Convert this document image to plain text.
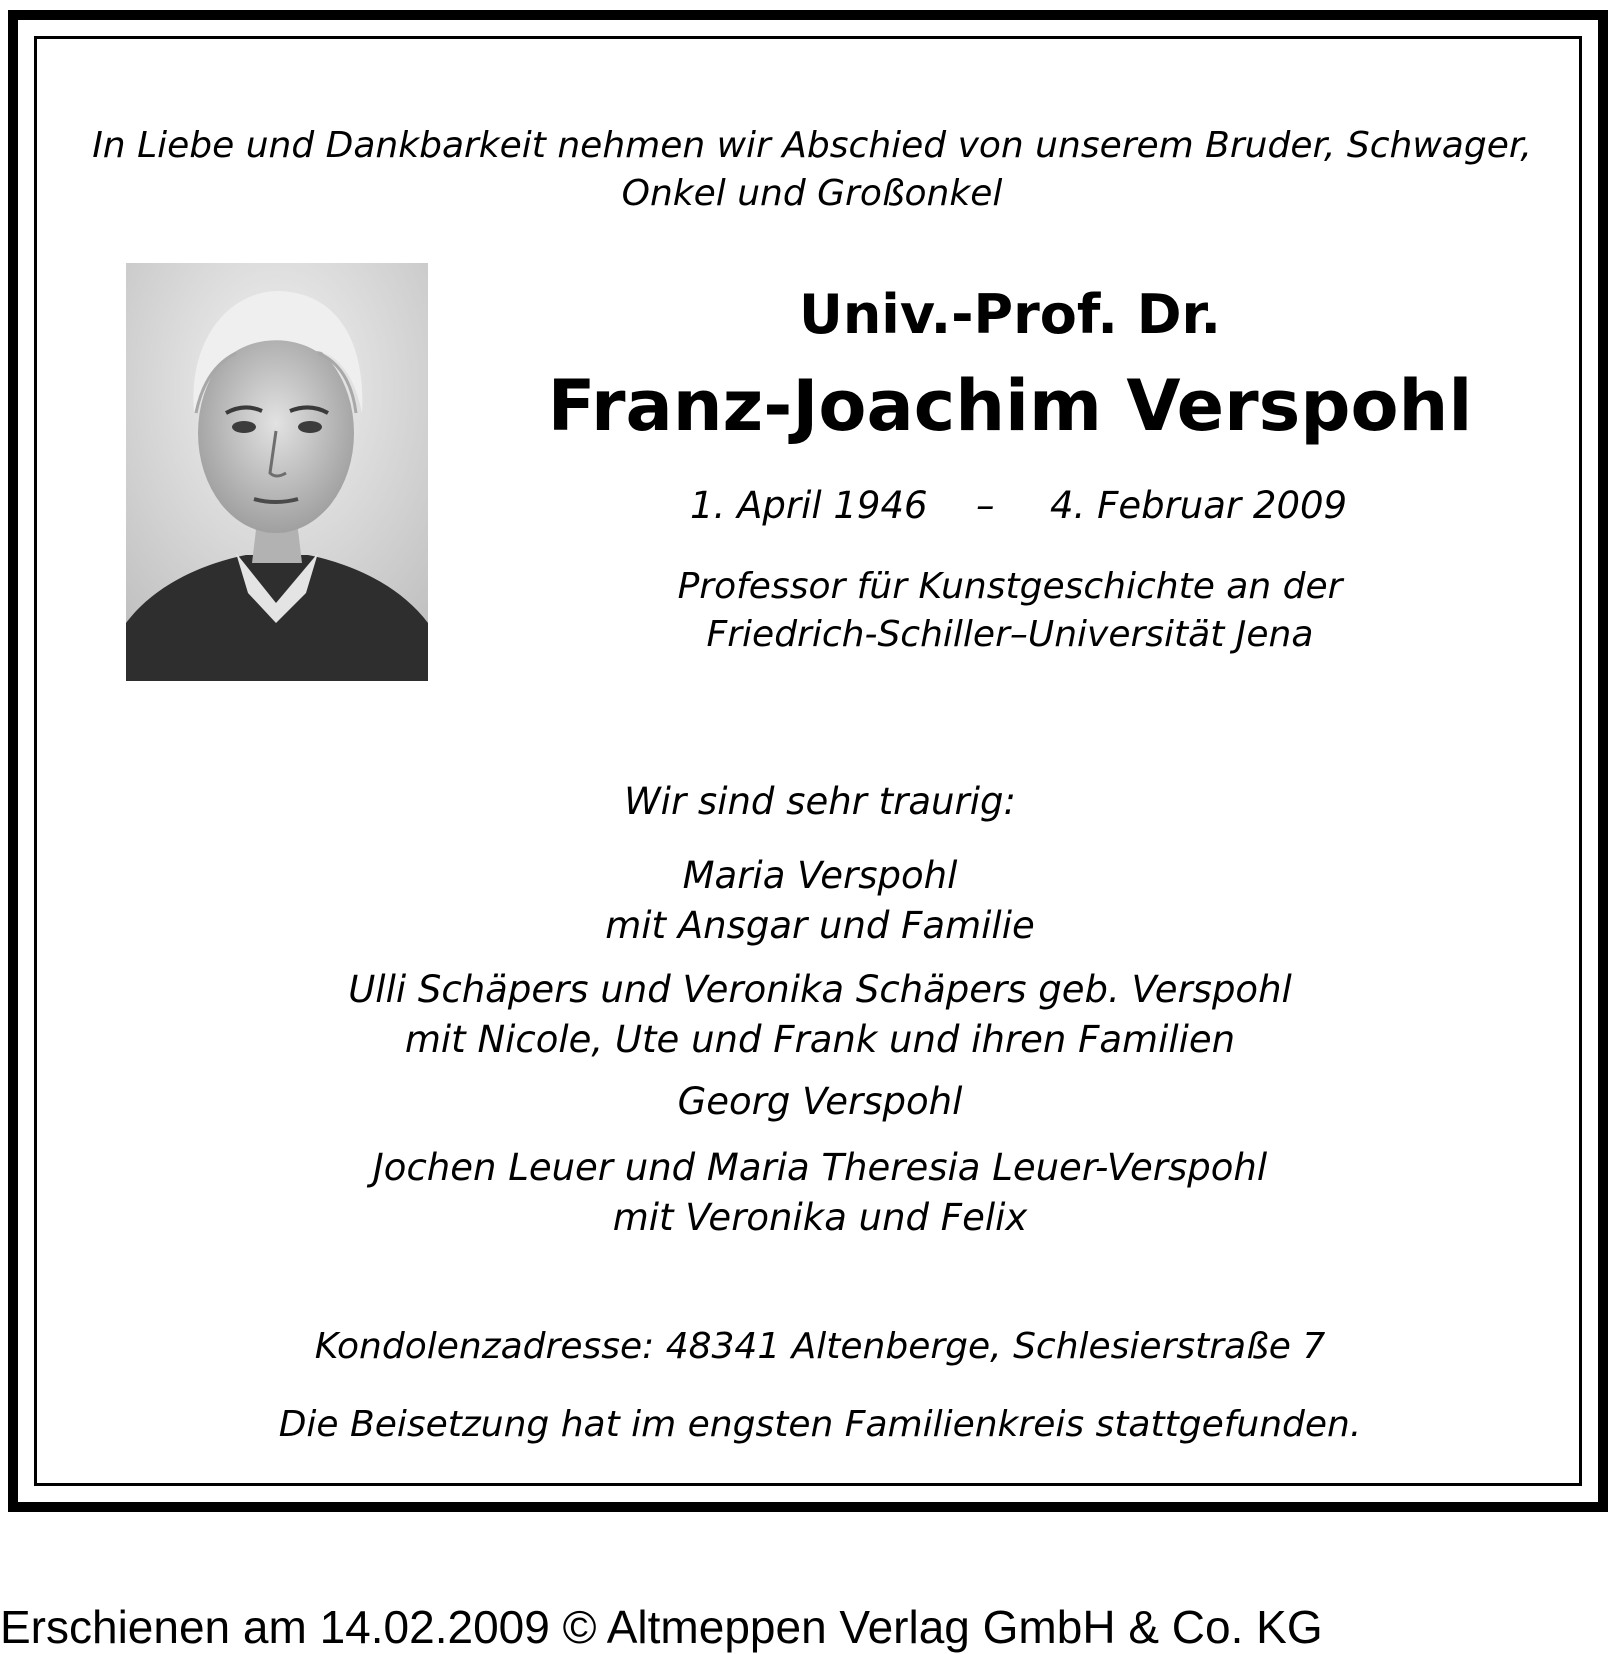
In Liebe und Dankbarkeit nehmen wir Abschied von unserem Bruder, Schwager,
Onkel und Großonkel
Univ.-Prof. Dr.
Franz-Joachim Verspohl
1. April 1946 – 4. Februar 2009
Professor für Kunstgeschichte an der
Friedrich-Schiller–Universität Jena
Wir sind sehr traurig:
Maria Verspohl
mit Ansgar und Familie
Ulli Schäpers und Veronika Schäpers geb. Verspohl
mit Nicole, Ute und Frank und ihren Familien
Georg Verspohl
Jochen Leuer und Maria Theresia Leuer-Verspohl
mit Veronika und Felix
Kondolenzadresse: 48341 Altenberge, Schlesierstraße 7
Die Beisetzung hat im engsten Familienkreis stattgefunden.
Erschienen am 14.02.2009 © Altmeppen Verlag GmbH & Co. KG
